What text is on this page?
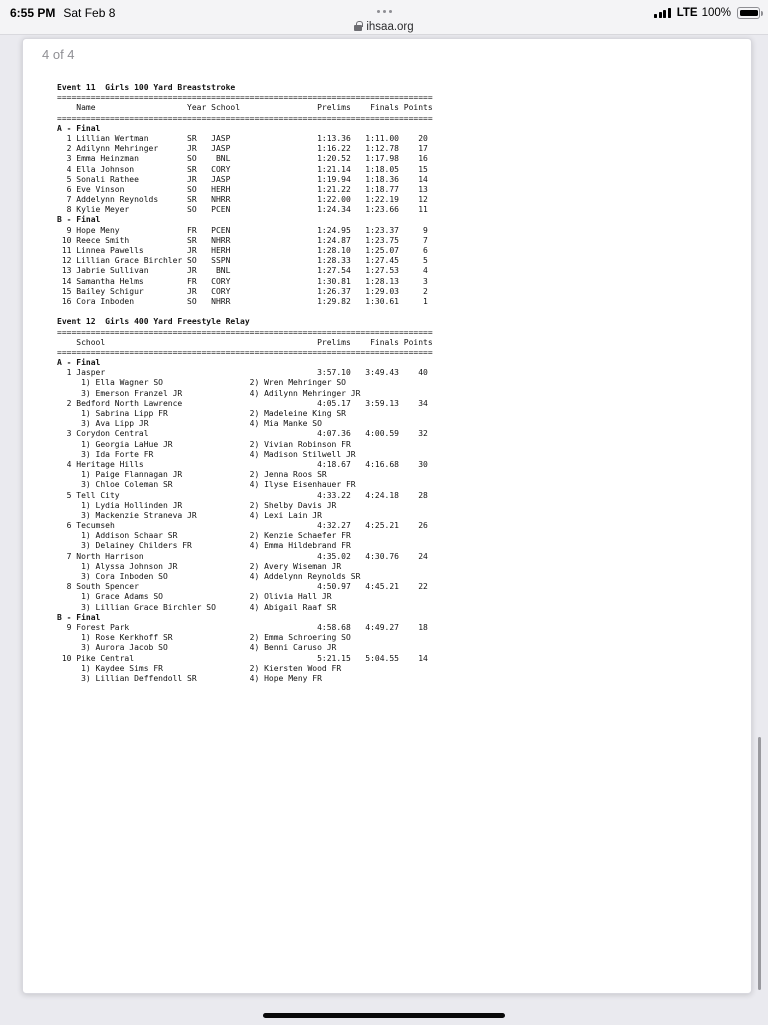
6:55 PM Sat Feb 8
ihsaa.org
LTE 100%
4 of 4
Event 11  Girls 100 Yard Breaststroke
==============================================================================
Name                   Year School                Prelims    Finals Points
==============================================================================
A - Final
1 Lillian Wertman        SR   JASP                  1:13.36   1:11.00    20
2 Adilynn Mehringer      JR   JASP                  1:16.22   1:12.78    17
3 Emma Heinzman          SO    BNL                  1:20.52   1:17.98    16
4 Ella Johnson           SR   CORY                  1:21.14   1:18.05    15
5 Sonali Rathee          JR   JASP                  1:19.94   1:18.36    14
6 Eve Vinson             SO   HERH                  1:21.22   1:18.77    13
7 Addelynn Reynolds      SR   NHRR                  1:22.00   1:22.19    12
8 Kylie Meyer            SO   PCEN                  1:24.34   1:23.66    11
B - Final
9 Hope Meny              FR   PCEN                  1:24.95   1:23.37     9
10 Reece Smith            SR   NHRR                  1:24.87   1:23.75     7
11 Linnea Pawells         JR   HERH                  1:28.10   1:25.07     6
12 Lillian Grace Birchler SO   SSPN                  1:28.33   1:27.45     5
13 Jabrie Sullivan        JR    BNL                  1:27.54   1:27.53     4
14 Samantha Helms         FR   CORY                  1:30.81   1:28.13     3
15 Bailey Schigur         JR   CORY                  1:26.37   1:29.03     2
16 Cora Inboden           SO   NHRR                  1:29.82   1:30.61     1

Event 12  Girls 400 Yard Freestyle Relay
==============================================================================
School                                            Prelims    Finals Points
==============================================================================
A - Final
1 Jasper                                            3:57.10   3:49.43    40
1) Ella Wagner SO                  2) Wren Mehringer SO
3) Emerson Franzel JR              4) Adilynn Mehringer JR
2 Bedford North Lawrence                            4:05.17   3:59.13    34
1) Sabrina Lipp FR                 2) Madeleine King SR
3) Ava Lipp JR                     4) Mia Manke SO
3 Corydon Central                                   4:07.36   4:00.59    32
1) Georgia LaHue JR                2) Vivian Robinson FR
3) Ida Forte FR                    4) Madison Stilwell JR
4 Heritage Hills                                    4:18.67   4:16.68    30
1) Paige Flannagan JR              2) Jenna Roos SR
3) Chloe Coleman SR                4) Ilyse Eisenhauer FR
5 Tell City                                         4:33.22   4:24.18    28
1) Lydia Hollinden JR              2) Shelby Davis JR
3) Mackenzie Straneva JR           4) Lexi Lain JR
6 Tecumseh                                          4:32.27   4:25.21    26
1) Addison Schaar SR               2) Kenzie Schaefer FR
3) Delainey Childers FR            4) Emma Hildebrand FR
7 North Harrison                                    4:35.02   4:30.76    24
1) Alyssa Johnson JR               2) Avery Wiseman JR
3) Cora Inboden SO                 4) Addelynn Reynolds SR
8 South Spencer                                     4:50.97   4:45.21    22
1) Grace Adams SO                  2) Olivia Hall JR
3) Lillian Grace Birchler SO       4) Abigail Raaf SR
B - Final
9 Forest Park                                       4:58.68   4:49.27    18
1) Rose Kerkhoff SR                2) Emma Schroering SO
3) Aurora Jacob SO                 4) Benni Caruso JR
10 Pike Central                                      5:21.15   5:04.55    14
1) Kaydee Sims FR                  2) Kiersten Wood FR
3) Lillian Deffendoll SR           4) Hope Meny FR
